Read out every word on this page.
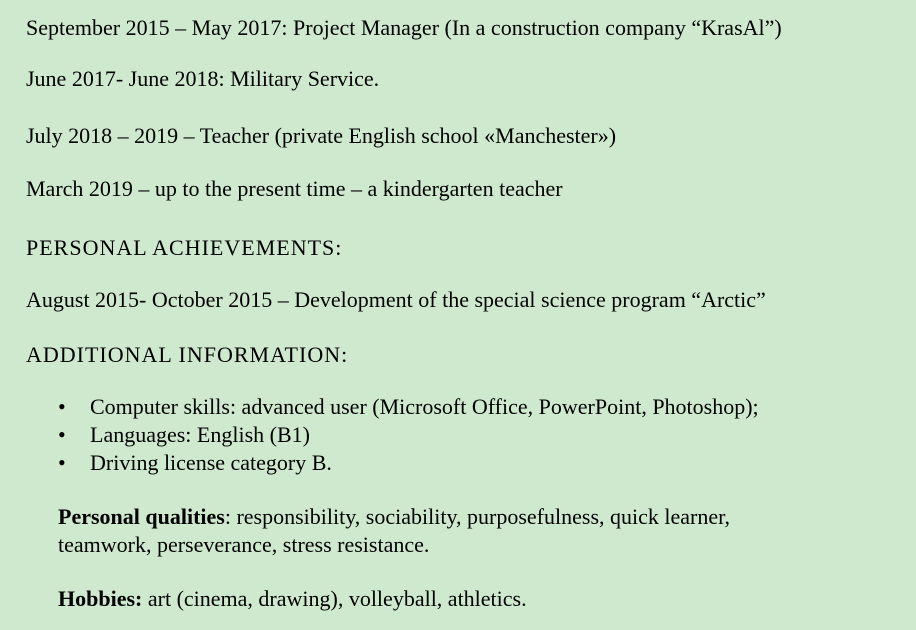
September 2015 – May 2017: Project Manager (In a construction company “KrasAl”)
June 2017- June 2018: Military Service.
July 2018 – 2019 – Teacher (private English school «Manchester»)
March 2019 – up to the present time – a kindergarten teacher
PERSONAL ACHIEVEMENTS:
August 2015- October 2015 – Development of the special science program “Arctic”
ADDITIONAL INFORMATION:
• Computer skills: advanced user (Microsoft Office, PowerPoint, Photoshop);
• Languages: English (B1)
• Driving license category B.
Personal qualities: responsibility, sociability, purposefulness, quick learner,
teamwork, perseverance, stress resistance.
Hobbies: art (cinema, drawing), volleyball, athletics.
